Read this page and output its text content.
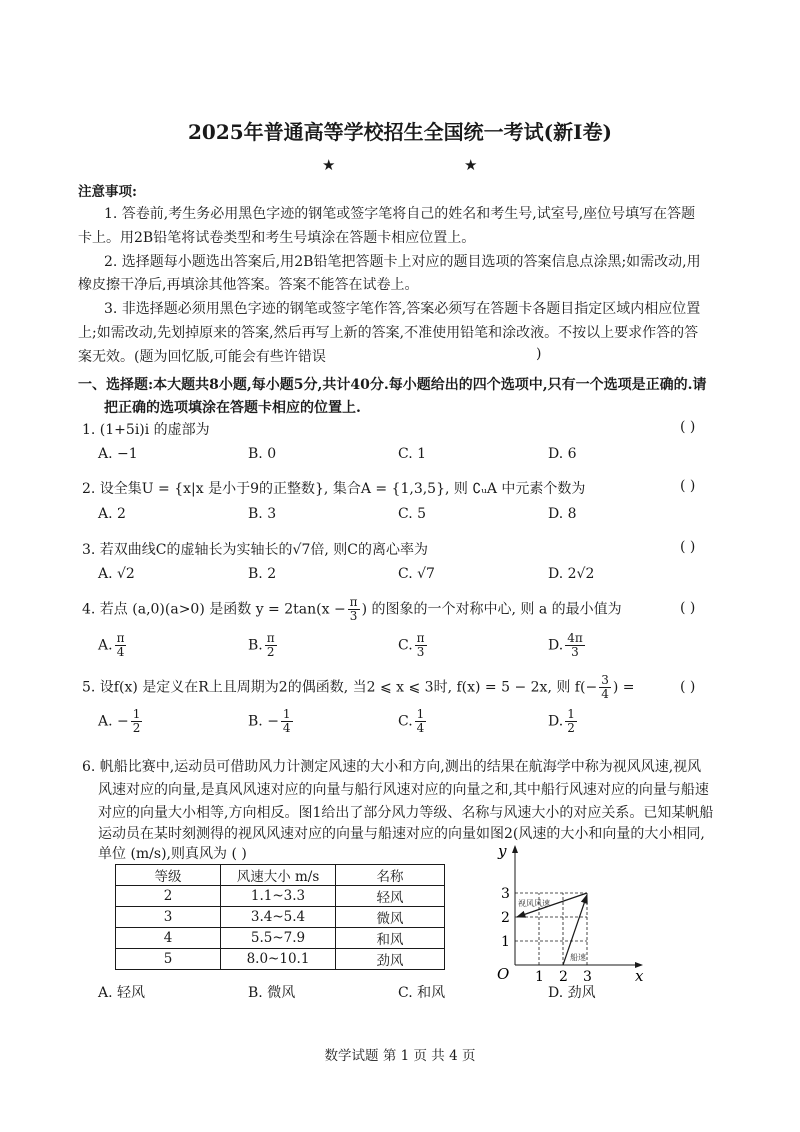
2025年普通高等学校招生全国统一考试(新I卷)
★	★
注意事项:
1. 答卷前,考生务必用黑色字迹的钢笔或签字笔将自己的姓名和考生号,试室号,座位号填写在答题
卡上。用2B铅笔将试卷类型和考生号填涂在答题卡相应位置上。
2. 选择题每小题选出答案后,用2B铅笔把答题卡上对应的题目选项的答案信息点涂黑;如需改动,用
橡皮擦干净后,再填涂其他答案。答案不能答在试卷上。
3. 非选择题必须用黑色字迹的钢笔或签字笔作答,答案必须写在答题卡各题目指定区域内相应位置
上;如需改动,先划掉原来的答案,然后再写上新的答案,不准使用铅笔和涂改液。不按以上要求作答的答
案无效。(题为回忆版,可能会有些许错误	)
一、选择题:本大题共8小题,每小题5分,共计40分.每小题给出的四个选项中,只有一个选项是正确的.请
把正确的选项填涂在答题卡相应的位置上.
1. (1+5i)i 的虚部为	( )
A. −1	B. 0	C. 1	D. 6
2. 设全集U = {x|x 是小于9的正整数}, 集合A = {1,3,5}, 则 ∁ᵤA 中元素个数为	( )
A. 2	B. 3	C. 5	D. 8
3. 若双曲线C的虚轴长为实轴长的√7倍, 则C的离心率为	( )
A. √2	B. 2	C. √7	D. 2√2
4. 若点 (a,0)(a>0) 是函数 $y = 2\tan(x - \frac{\pi}{3}$ ) 的图象的一个对称中心, 则 a 的最小值为	( )
A. $\frac{\pi}{4}$	B. $\frac{\pi}{2}$	C. $\frac{\pi}{3}$	D. $\frac{4\pi}{3}$
5. 设f(x) 是定义在R上且周期为2的偶函数, 当2 ⩽ x ⩽ 3时, f(x) = 5 − 2x, 则 $f(- \frac{3}{4}$ ) =	( )
A. − $\frac{1}{2}$	B. − $\frac{1}{4}$	C. $\frac{1}{4}$	D. $\frac{1}{2}$
6. 帆船比赛中,运动员可借助风力计测定风速的大小和方向,测出的结果在航海学中称为视风风速,视风
风速对应的向量,是真风风速对应的向量与船行风速对应的向量之和,其中船行风速对应的向量与船速
对应的向量大小相等,方向相反。图1给出了部分风力等级、名称与风速大小的对应关系。已知某帆船
运动员在某时刻测得的视风风速对应的向量与船速对应的向量如图2(风速的大小和向量的大小相同,
单位 (m/s),则真风为 ( )
等级	风速大小 m/s	名称
2	1.1~3.3	轻风
3	3.4~5.4	微风
4	5.5~7.9	和风
5	8.0~10.1	劲风
x
y
O 1 2 3
1
2
3
视风风速
船速
A. 轻风	B. 微风	C. 和风	D. 劲风
数学试题 第 1 页 共 4 页
